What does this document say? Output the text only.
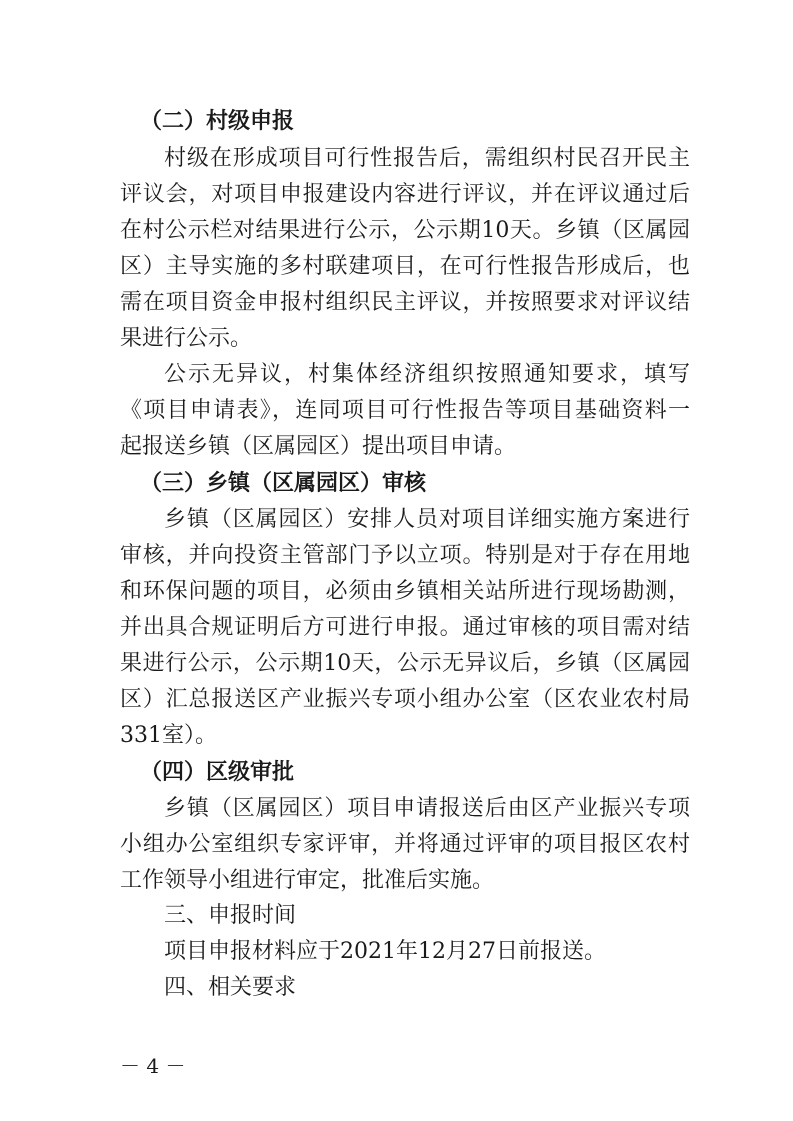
（二）村级申报
村级在形成项目可行性报告后，需组织村民召开民主
评议会，对项目申报建设内容进行评议，并在评议通过后
在村公示栏对结果进行公示，公示期10天。乡镇（区属园
区）主导实施的多村联建项目，在可行性报告形成后，也
需在项目资金申报村组织民主评议，并按照要求对评议结
果进行公示。
公示无异议，村集体经济组织按照通知要求，填写
《项目申请表》，连同项目可行性报告等项目基础资料一
起报送乡镇（区属园区）提出项目申请。
（三）乡镇（区属园区）审核
乡镇（区属园区）安排人员对项目详细实施方案进行
审核，并向投资主管部门予以立项。特别是对于存在用地
和环保问题的项目，必须由乡镇相关站所进行现场勘测，
并出具合规证明后方可进行申报。通过审核的项目需对结
果进行公示，公示期10天，公示无异议后，乡镇（区属园
区）汇总报送区产业振兴专项小组办公室（区农业农村局
331室）。
（四）区级审批
乡镇（区属园区）项目申请报送后由区产业振兴专项
小组办公室组织专家评审，并将通过评审的项目报区农村
工作领导小组进行审定，批准后实施。
三、申报时间
项目申报材料应于2021年12月27日前报送。
四、相关要求
－ 4 －
